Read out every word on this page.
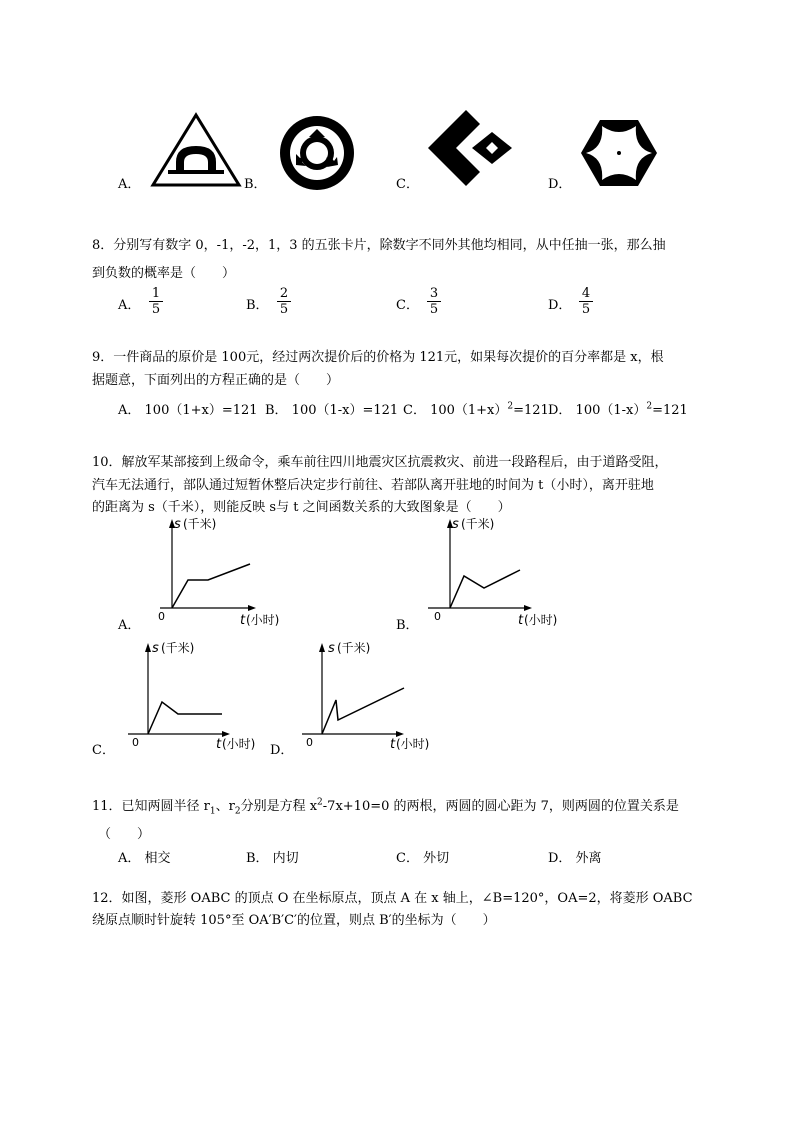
A．	B．	C．	D．
8．分别写有数字 0，-1，-2，1，3 的五张卡片，除数字不同外其他均相同，从中任抽一张，那么抽
到负数的概率是（　　）
A． $\frac{1}{5}$	B． $\frac{2}{5}$	C． $\frac{3}{5}$	D． $\frac{4}{5}$
9．一件商品的原价是 100元，经过两次提价后的价格为 121元，如果每次提价的百分率都是 x，根
据题意，下面列出的方程正确的是（　　）
A． 100（1+x）=121 B． 100（1-x）=121 C． $100(1+x)^2=121$ D． $100(1-x)^2=121$
10．解放军某部接到上级命令，乘车前往四川地震灾区抗震救灾、前进一段路程后，由于道路受阻，
汽车无法通行，部队通过短暂休整后决定步行前往、若部队离开驻地的时间为 t（小时），离开驻地
的距离为 s（千米），则能反映 s与 t 之间函数关系的大致图象是（　　）
s (千米)
0	t (小时)
A．
s (千米)
0	t (小时)
B．
s (千米)
0	t (小时)
C．
s (千米)
0	t (小时)
D．
11．已知两圆半径 $r_1$、$r_2$分别是方程 $x^2-7x+10=0$ 的两根，两圆的圆心距为 7，则两圆的位置关系是
（　　）
A． 相交	B． 内切	C． 外切	D． 外离
12．如图，菱形 OABC 的顶点 O 在坐标原点，顶点 A 在 x 轴上，∠B=120°，OA=2，将菱形 OABC
绕原点顺时针旋转 105°至 OA′B′C′的位置，则点 B′的坐标为（　　）
